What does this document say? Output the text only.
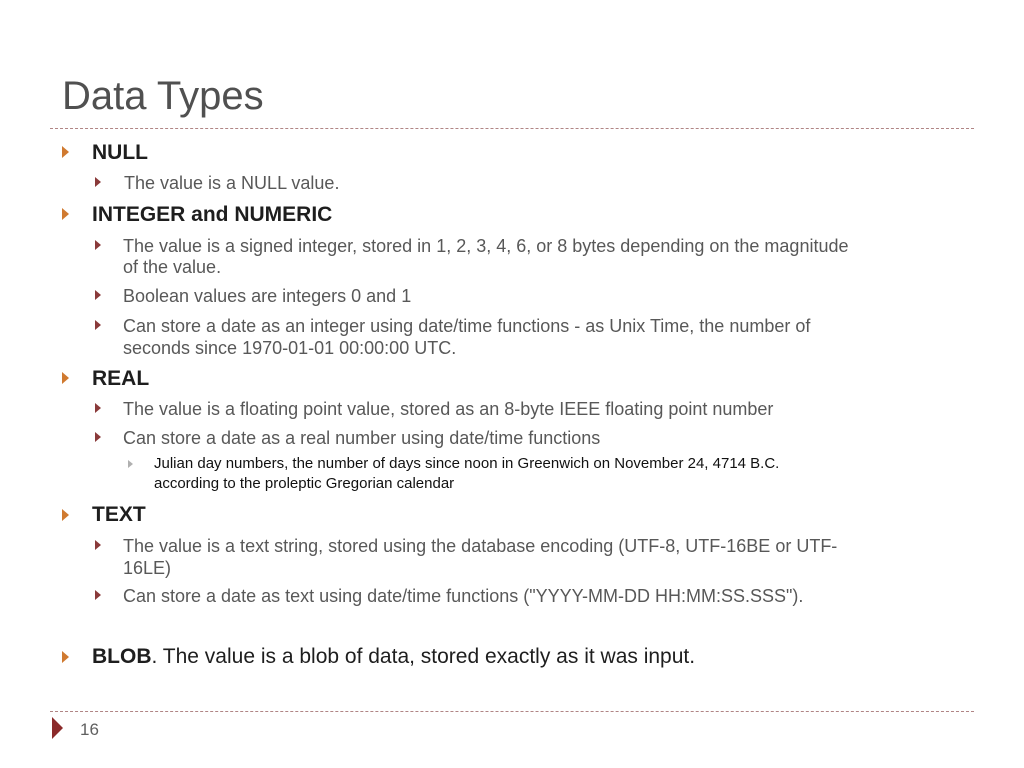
Data Types
NULL
The value is a NULL value.
INTEGER and NUMERIC
The value is a signed integer, stored in 1, 2, 3, 4, 6, or 8 bytes depending on the magnitude
of the value.
Boolean values are integers 0 and 1
Can store a date as an integer using date/time functions - as Unix Time, the number of
seconds since 1970-01-01 00:00:00 UTC.
REAL
The value is a floating point value, stored as an 8-byte IEEE floating point number
Can store a date as a real number using date/time functions
Julian day numbers, the number of days since noon in Greenwich on November 24, 4714 B.C.
according to the proleptic Gregorian calendar
TEXT
The value is a text string, stored using the database encoding (UTF-8, UTF-16BE or UTF-
16LE)
Can store a date as text using date/time functions ("YYYY-MM-DD HH:MM:SS.SSS").
BLOB. The value is a blob of data, stored exactly as it was input.
16
